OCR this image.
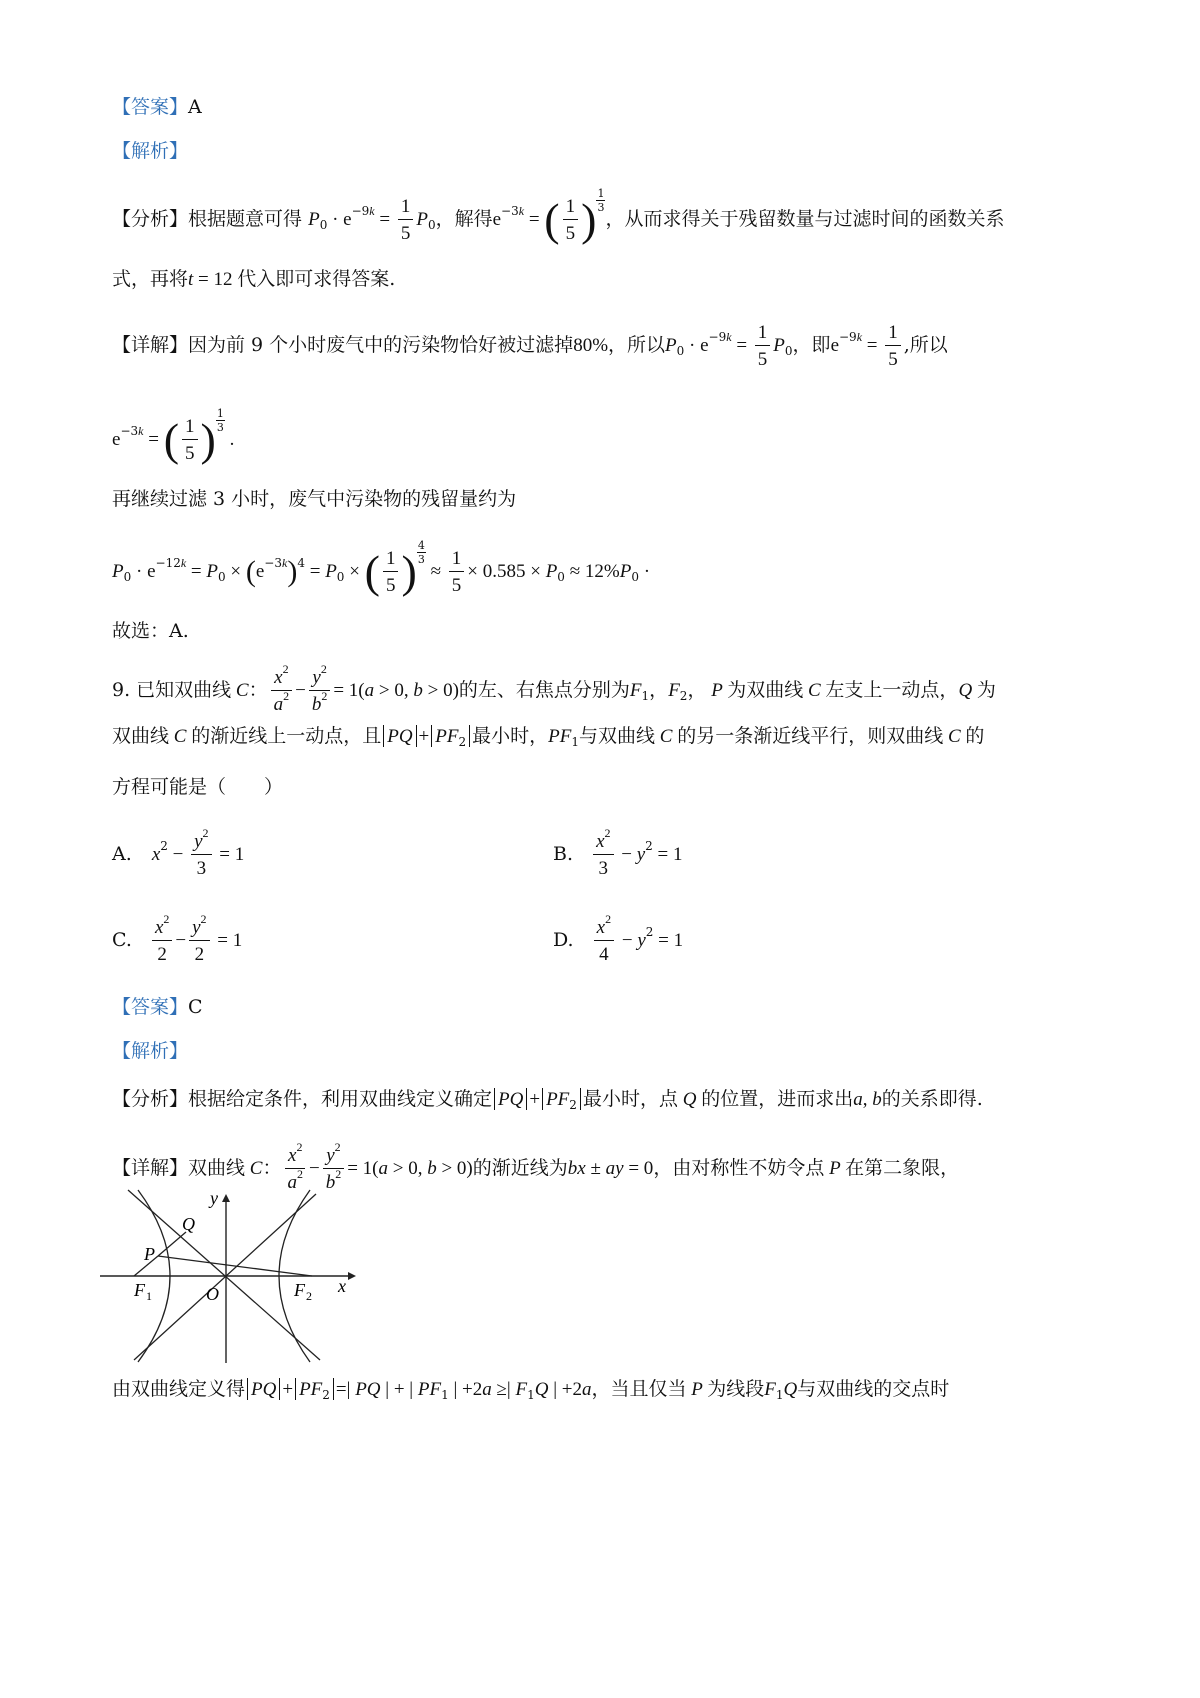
【答案】A
【解析】
【分析】根据题意可得 $P_0 \cdot e^{-9k} = \frac{1}{5} P_0$，解得$e^{-3k}$ = ( $\frac{1}{5}$ ) $\frac{1}{3}$
，从而求得关于残留数量与过滤时间的函数关系
式，再将t = 12 代入即可求得答案.
【详解】因为前 9 个小时废气中的污染物恰好被过滤掉80%，所以$P_0 \cdot e^{-9k} = \frac{1}{5} P_0$，即$e^{-9k} = \frac{1}{5}$ ,所以
$e^{-3k}$ = ( $\frac{1}{5}$ ) $\frac{1}{3}$
.
再继续过滤 3 小时，废气中污染物的残留量约为
$P_0 \cdot e^{-12k} = P_0 \times (e^{-3k})^4 = P_0$ × ( $\frac{1}{5}$ ) $\frac{4}{3}$
≈ $\frac{1}{5} \times 0.585 \times P_0 \approx 12\%P_0$ ·
故选：A.
9. 已知双曲线 C： $\frac{x^2}{a^2} - \frac{y^2}{b^2} = 1(a > 0$, b > 0)的左、右焦点分别为$F_1$，$F_2$， P 为双曲线 C 左支上一动点，Q 为
双曲线 C 的渐近线上一动点，且 PQ + $PF_2$ 最小时，$PF_1$与双曲线 C 的另一条渐近线平行，则双曲线 C 的
方程可能是（　　）
A. $x^2 - \frac{y^2}{3} = 1$	B. $\frac{x^2}{3} - y^2 = 1$
C. $\frac{x^2}{2} - \frac{y^2}{2} = 1$	D. $\frac{x^2}{4} - y^2 = 1$
【答案】C
【解析】
【分析】根据给定条件，利用双曲线定义确定 PQ + $PF_2$ 最小时，点 Q 的位置，进而求出a, b的关系即得.
【详解】双曲线 C： $\frac{x^2}{a^2} - \frac{y^2}{b^2} = 1(a > 0$, b > 0)的渐近线为bx ± ay = 0，由对称性不妨令点 P 在第二象限，
y
x
Q
P
F 1	O	F 2
由双曲线定义得 PQ + $PF_2$ =| PQ | + | $PF_1$ | +2a ≥| $F_1Q$ | +2a，当且仅当 P 为线段$F_1Q$与双曲线的交点时
